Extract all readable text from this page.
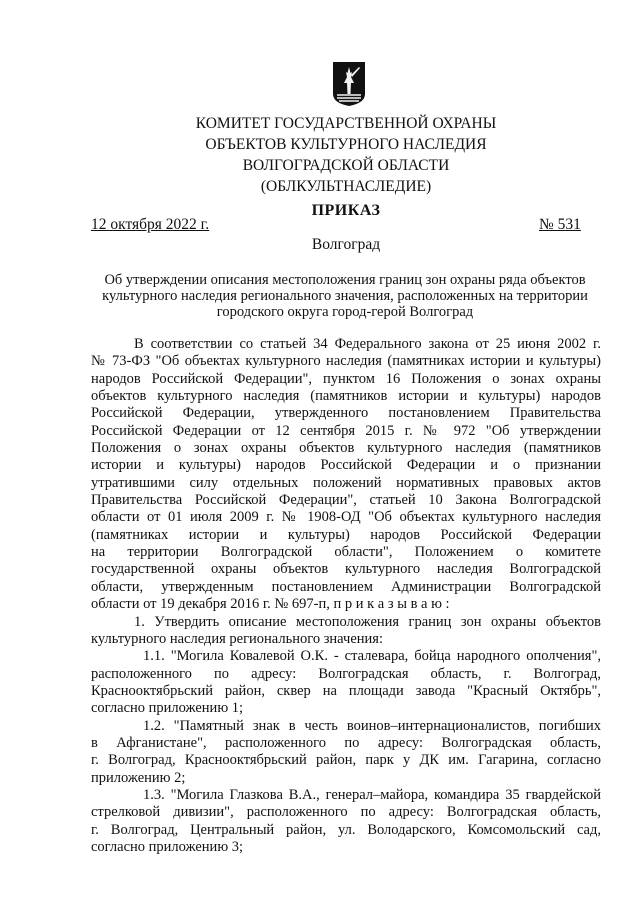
КОМИТЕТ ГОСУДАРСТВЕННОЙ ОХРАНЫ
ОБЪЕКТОВ КУЛЬТУРНОГО НАСЛЕДИЯ
ВОЛГОГРАДСКОЙ ОБЛАСТИ
(ОБЛКУЛЬТНАСЛЕДИЕ)
ПРИКАЗ
12 октября 2022 г.	№ 531
Волгоград
Об утверждении описания местоположения границ зон охраны ряда объектов
культурного наследия регионального значения, расположенных на территории
городского округа город-герой Волгоград
В соответствии со статьей 34 Федерального закона от 25 июня 2002 г.
№ 73-ФЗ "Об объектах культурного наследия (памятниках истории и культуры)
народов Российской Федерации", пунктом 16 Положения о зонах охраны
объектов культурного наследия (памятников истории и культуры) народов
Российской Федерации, утвержденного постановлением Правительства
Российской Федерации от 12 сентября 2015 г. № 972 "Об утверждении
Положения о зонах охраны объектов культурного наследия (памятников
истории и культуры) народов Российской Федерации и о признании
утратившими силу отдельных положений нормативных правовых актов
Правительства Российской Федерации", статьей 10 Закона Волгоградской
области от 01 июля 2009 г. № 1908-ОД "Об объектах культурного наследия
(памятниках истории и культуры) народов Российской Федерации
на территории Волгоградской области", Положением о комитете
государственной охраны объектов культурного наследия Волгоградской
области, утвержденным постановлением Администрации Волгоградской
области от 19 декабря 2016 г. № 697-п, п р и к а з ы в а ю :
1. Утвердить описание местоположения границ зон охраны объектов
культурного наследия регионального значения:
1.1. "Могила Ковалевой О.К. - сталевара, бойца народного ополчения",
расположенного по адресу: Волгоградская область, г. Волгоград,
Краснооктябрьский район, сквер на площади завода "Красный Октябрь",
согласно приложению 1;
1.2. "Памятный знак в честь воинов–интернационалистов, погибших
в Афганистане", расположенного по адресу: Волгоградская область,
г. Волгоград, Краснооктябрьский район, парк у ДК им. Гагарина, согласно
приложению 2;
1.3. "Могила Глазкова В.А., генерал–майора, командира 35 гвардейской
стрелковой дивизии", расположенного по адресу: Волгоградская область,
г. Волгоград, Центральный район, ул. Володарского, Комсомольский сад,
согласно приложению 3;
